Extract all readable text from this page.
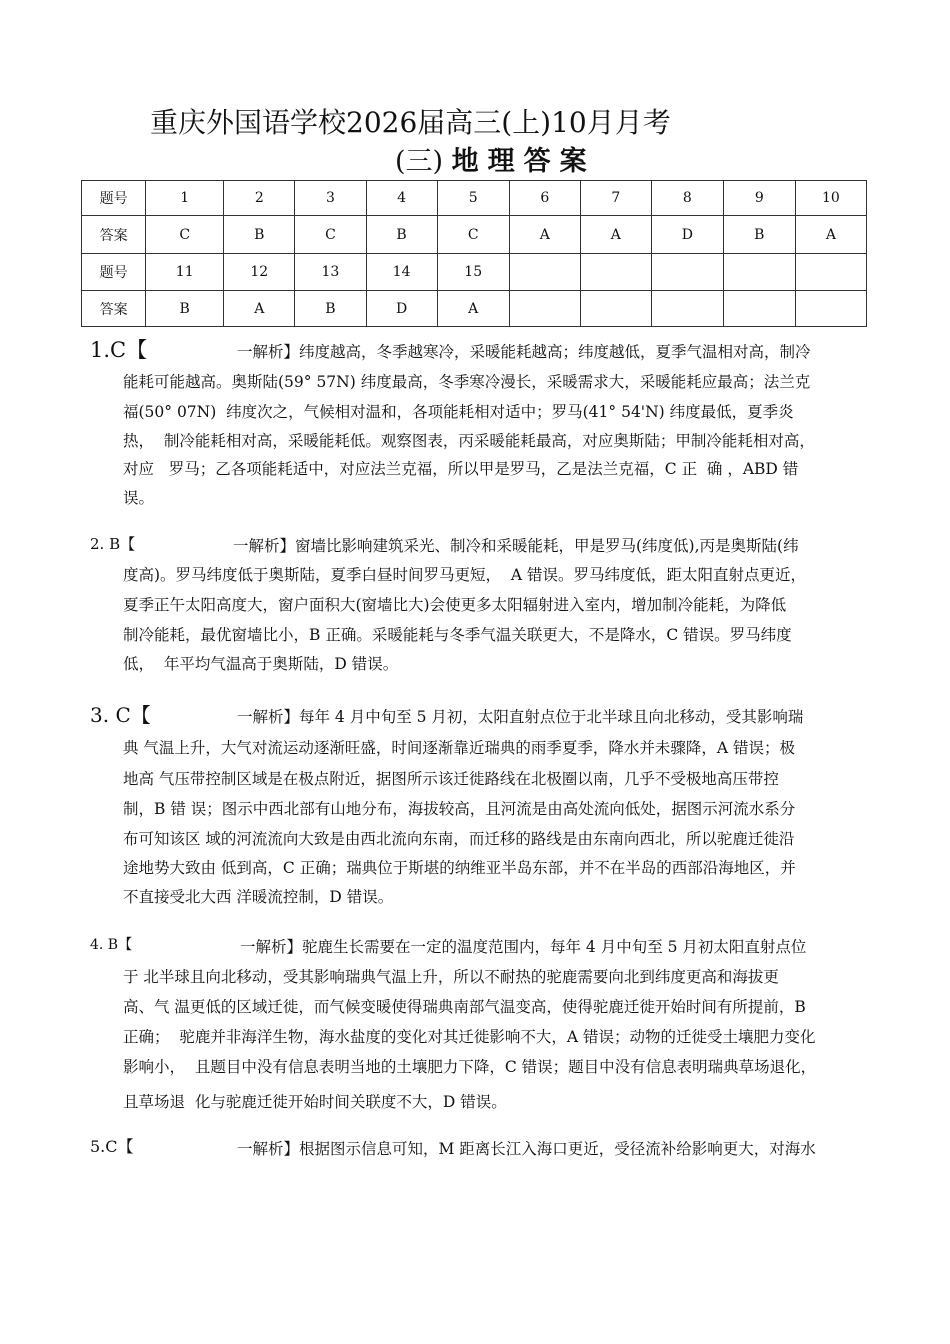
重庆外国语学校2026届高三(上)10月月考
(三) 地理答案
题号	1	2	3	4	5	6	7	8	9	10
答案	C	B	C	B	C	A	A	D	B	A
题号	11	12	13	14	15					
答案	B	A	B	D	A					
1.C【	一解析】纬度越高，冬季越寒冷，采暖能耗越高；纬度越低，夏季气温相对高，制冷
能耗可能越高。奥斯陆(59° 57N) 纬度最高，冬季寒冷漫长，采暖需求大，采暖能耗应最高；法兰克
福(50° 07N)  纬度次之，气候相对温和，各项能耗相对适中；罗马(41° 54'N) 纬度最低，夏季炎
热，  制冷能耗相对高，采暖能耗低。观察图表，丙采暖能耗最高，对应奥斯陆；甲制冷能耗相对高，
对应   罗马；乙各项能耗适中，对应法兰克福，所以甲是罗马，乙是法兰克福，C 正  确 ，ABD 错
误。
2. B【	一解析】窗墙比影响建筑采光、制冷和采暖能耗，甲是罗马(纬度低),丙是奥斯陆(纬
度高)。罗马纬度低于奥斯陆，夏季白昼时间罗马更短，  A 错误。罗马纬度低，距太阳直射点更近，
夏季正午太阳高度大，窗户面积大(窗墙比大)会使更多太阳辐射进入室内，增加制冷能耗，为降低
制冷能耗，最优窗墙比小，B 正确。采暖能耗与冬季气温关联更大，不是降水，C 错误。罗马纬度
低，  年平均气温高于奥斯陆，D 错误。
3. C【	一解析】每年 4 月中旬至 5 月初，太阳直射点位于北半球且向北移动，受其影响瑞
典 气温上升，大气对流运动逐渐旺盛，时间逐渐靠近瑞典的雨季夏季，降水并未骤降，A 错误；极
地高 气压带控制区域是在极点附近，据图所示该迁徙路线在北极圈以南，几乎不受极地高压带控
制，B 错 误；图示中西北部有山地分布，海拔较高，且河流是由高处流向低处，据图示河流水系分
布可知该区 域的河流流向大致是由西北流向东南，而迁移的路线是由东南向西北，所以驼鹿迁徙沿
途地势大致由 低到高，C 正确；瑞典位于斯堪的纳维亚半岛东部，并不在半岛的西部沿海地区，并
不直接受北大西 洋暖流控制，D 错误。
4. B【	一解析】驼鹿生长需要在一定的温度范围内，每年 4 月中旬至 5 月初太阳直射点位
于 北半球且向北移动，受其影响瑞典气温上升，所以不耐热的驼鹿需要向北到纬度更高和海拔更
高、气 温更低的区域迁徙，而气候变暖使得瑞典南部气温变高，使得驼鹿迁徙开始时间有所提前，B
正确；  驼鹿并非海洋生物，海水盐度的变化对其迁徙影响不大，A 错误；动物的迁徙受土壤肥力变化
影响小，  且题目中没有信息表明当地的土壤肥力下降，C 错误；题目中没有信息表明瑞典草场退化，
且草场退  化与驼鹿迁徙开始时间关联度不大，D 错误。
5.C【	一解析】根据图示信息可知，M 距离长江入海口更近，受径流补给影响更大，对海水
